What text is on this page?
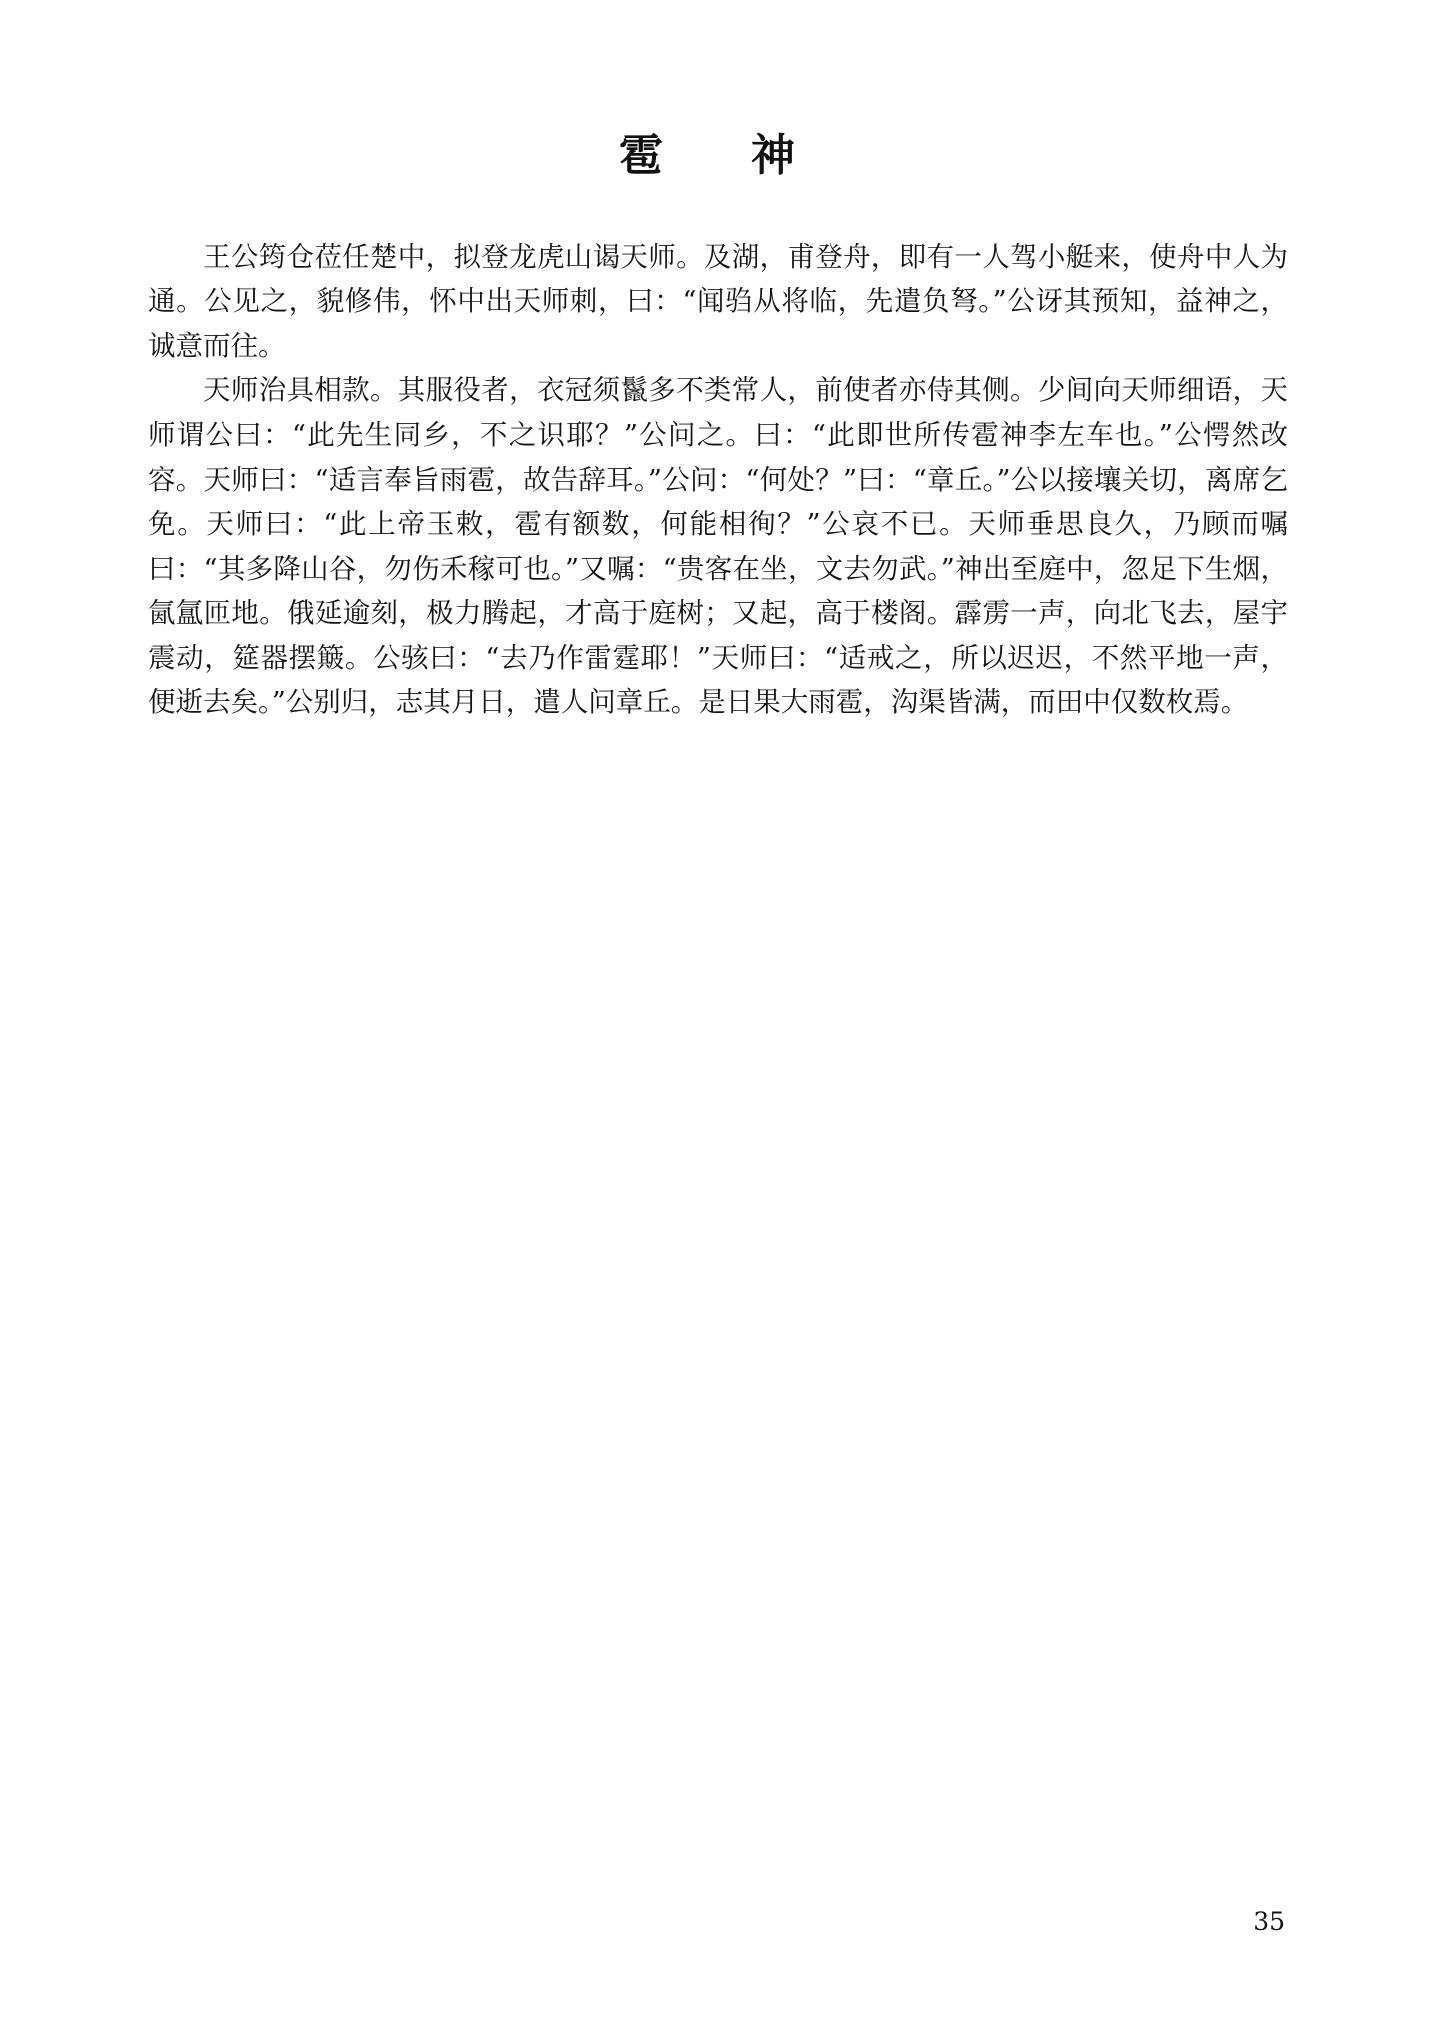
雹　神

王公筠仓莅任楚中，拟登龙虎山谒天师。及湖，甫登舟，即有一人驾小艇来，使舟中人为通。公见之，貌修伟，怀中出天师刺，曰：“闻驺从将临，先遣负弩。”公讶其预知，益神之，诚意而往。

天师治具相款。其服役者，衣冠须鬣多不类常人，前使者亦侍其侧。少间向天师细语，天师谓公曰：“此先生同乡，不之识耶？”公问之。曰：“此即世所传雹神李左车也。”公愕然改容。天师曰：“适言奉旨雨雹，故告辞耳。”公问：“何处？”曰：“章丘。”公以接壤关切，离席乞免。天师曰：“此上帝玉敕，雹有额数，何能相徇？”公哀不已。天师垂思良久，乃顾而嘱曰：“其多降山谷，勿伤禾稼可也。”又嘱：“贵客在坐，文去勿武。”神出至庭中，忽足下生烟，氤氲匝地。俄延逾刻，极力腾起，才高于庭树；又起，高于楼阁。霹雳一声，向北飞去，屋宇震动，筵器摆簸。公骇曰：“去乃作雷霆耶！”天师曰：“适戒之，所以迟迟，不然平地一声，便逝去矣。”公别归，志其月日，遣人问章丘。是日果大雨雹，沟渠皆满，而田中仅数枚焉。

35
